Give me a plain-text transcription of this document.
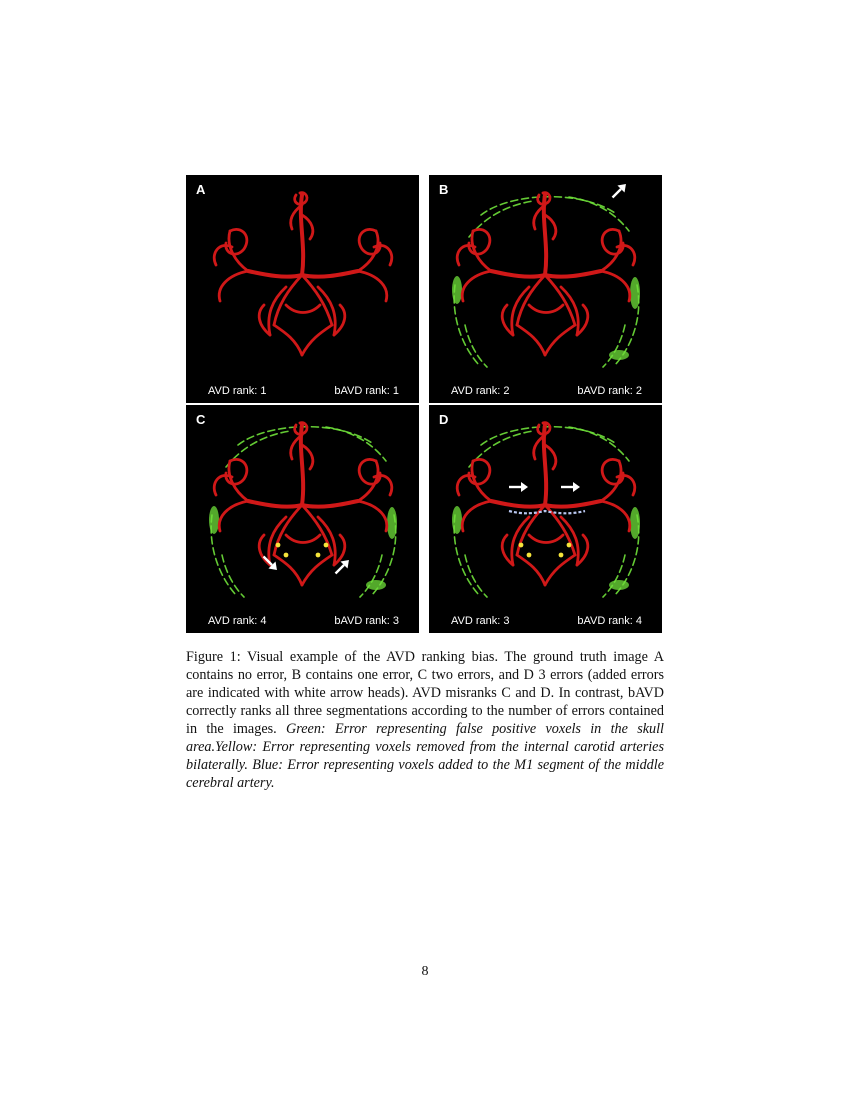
A
AVD rank: 1	bAVD rank: 1
B
AVD rank: 2	bAVD rank: 2
C
AVD rank: 4	bAVD rank: 3
D
AVD rank: 3	bAVD rank: 4

Figure 1: Visual example of the AVD ranking bias. The ground truth image A contains no error, B contains one error, C two errors, and D 3 errors (added errors are indicated with white arrow heads). AVD misranks C and D. In contrast, bAVD correctly ranks all three segmentations according to the number of errors contained in the images. Green: Error representing false positive voxels in the skull area.Yellow: Error representing voxels removed from the internal carotid arteries bilaterally. Blue: Error representing voxels added to the M1 segment of the middle cerebral artery.

8
